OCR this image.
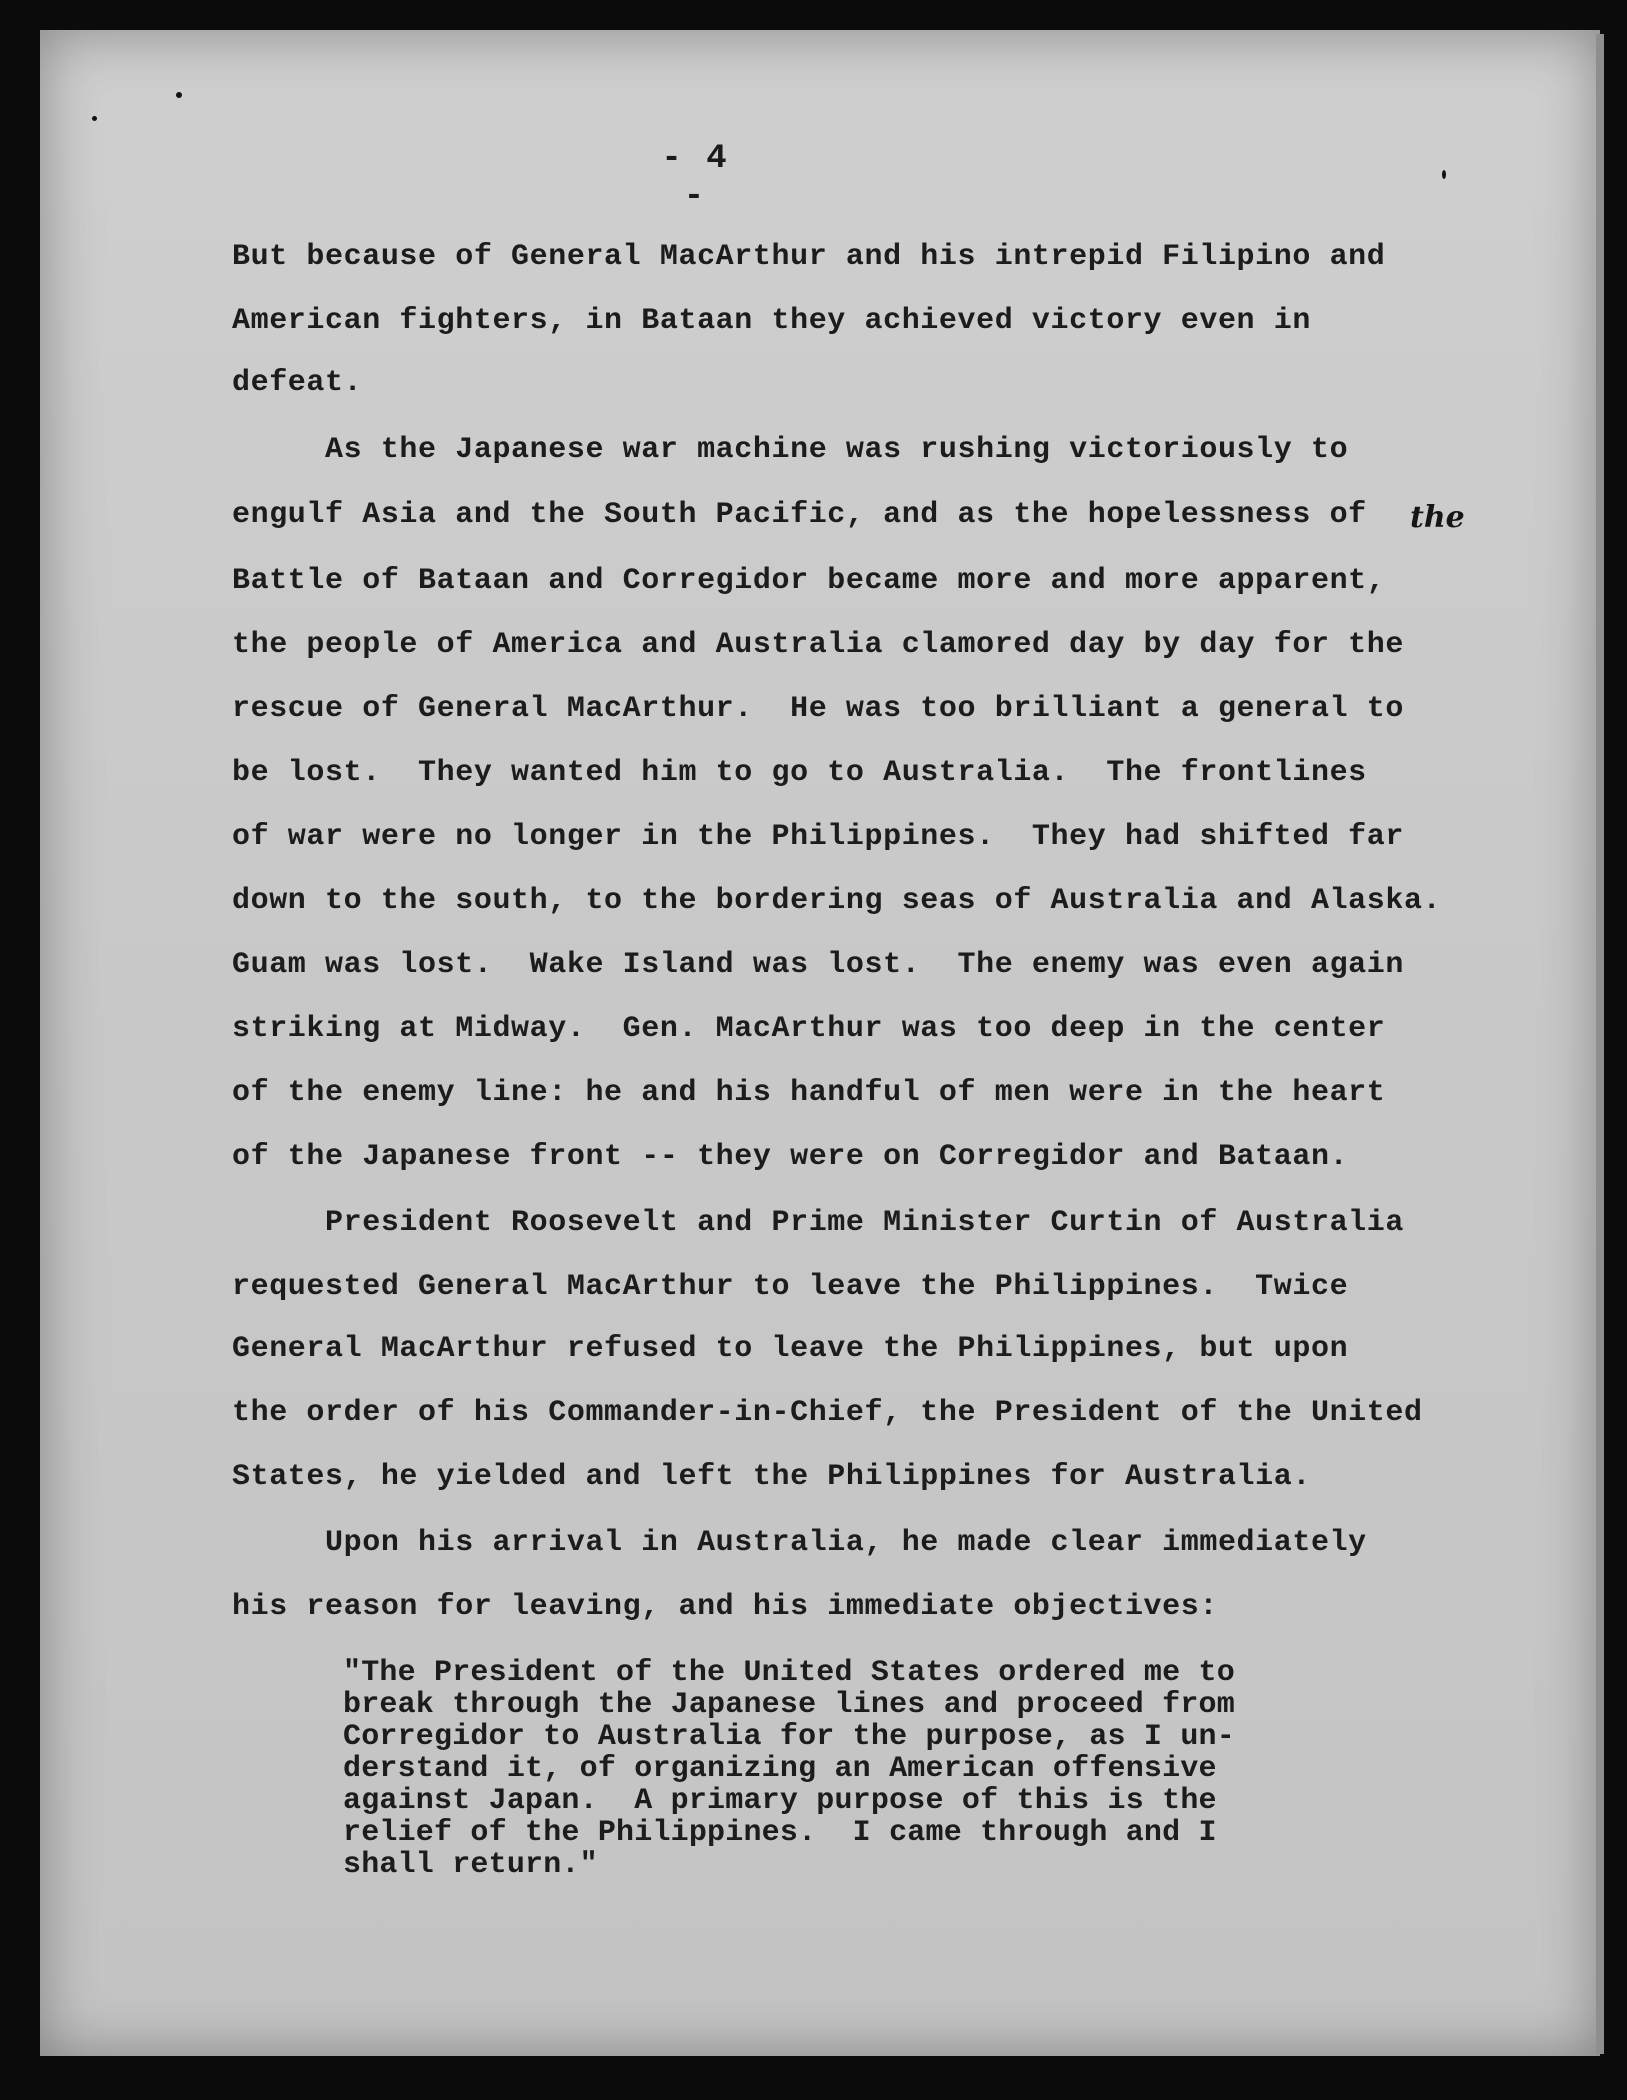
- 4 -
But because of General MacArthur and his intrepid Filipino and
American fighters, in Bataan they achieved victory even in
defeat.
As the Japanese war machine was rushing victoriously to
engulf Asia and the South Pacific, and as the hopelessness of
Battle of Bataan and Corregidor became more and more apparent,
the people of America and Australia clamored day by day for the
rescue of General MacArthur.  He was too brilliant a general to
be lost.  They wanted him to go to Australia.  The frontlines
of war were no longer in the Philippines.  They had shifted far
down to the south, to the bordering seas of Australia and Alaska.
Guam was lost.  Wake Island was lost.  The enemy was even again
striking at Midway.  Gen. MacArthur was too deep in the center
of the enemy line: he and his handful of men were in the heart
of the Japanese front -- they were on Corregidor and Bataan.
President Roosevelt and Prime Minister Curtin of Australia
requested General MacArthur to leave the Philippines.  Twice
General MacArthur refused to leave the Philippines, but upon
the order of his Commander-in-Chief, the President of the United
States, he yielded and left the Philippines for Australia.
Upon his arrival in Australia, he made clear immediately
his reason for leaving, and his immediate objectives:
the
"The President of the United States ordered me to
break through the Japanese lines and proceed from
Corregidor to Australia for the purpose, as I un-
derstand it, of organizing an American offensive
against Japan.  A primary purpose of this is the
relief of the Philippines.  I came through and I
shall return."
